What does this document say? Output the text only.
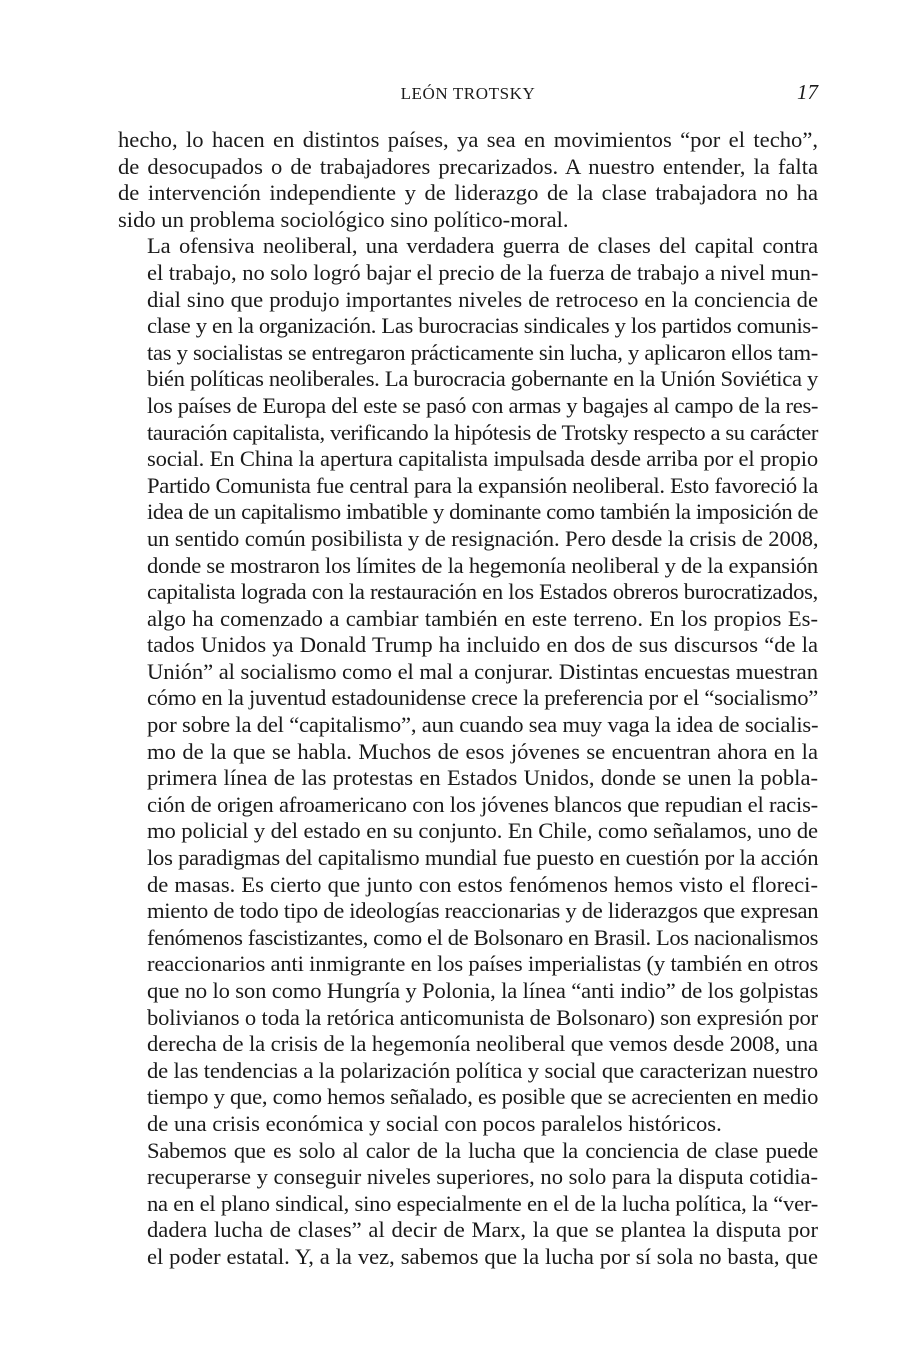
LEÓN TROTSKY	17

hecho, lo hacen en distintos países, ya sea en movimientos “por el techo”,
de desocupados o de trabajadores precarizados. A nuestro entender, la falta
de intervención independiente y de liderazgo de la clase trabajadora no ha
sido un problema sociológico sino político-moral.

La ofensiva neoliberal, una verdadera guerra de clases del capital contra
el trabajo, no solo logró bajar el precio de la fuerza de trabajo a nivel mun-
dial sino que produjo importantes niveles de retroceso en la conciencia de
clase y en la organización. Las burocracias sindicales y los partidos comunis-
tas y socialistas se entregaron prácticamente sin lucha, y aplicaron ellos tam-
bién políticas neoliberales. La burocracia gobernante en la Unión Soviética y
los países de Europa del este se pasó con armas y bagajes al campo de la res-
tauración capitalista, verificando la hipótesis de Trotsky respecto a su carácter
social. En China la apertura capitalista impulsada desde arriba por el propio
Partido Comunista fue central para la expansión neoliberal. Esto favoreció la
idea de un capitalismo imbatible y dominante como también la imposición de
un sentido común posibilista y de resignación. Pero desde la crisis de 2008,
donde se mostraron los límites de la hegemonía neoliberal y de la expansión
capitalista lograda con la restauración en los Estados obreros burocratizados,
algo ha comenzado a cambiar también en este terreno. En los propios Es-
tados Unidos ya Donald Trump ha incluido en dos de sus discursos “de la
Unión” al socialismo como el mal a conjurar. Distintas encuestas muestran
cómo en la juventud estadounidense crece la preferencia por el “socialismo”
por sobre la del “capitalismo”, aun cuando sea muy vaga la idea de socialis-
mo de la que se habla. Muchos de esos jóvenes se encuentran ahora en la
primera línea de las protestas en Estados Unidos, donde se unen la pobla-
ción de origen afroamericano con los jóvenes blancos que repudian el racis-
mo policial y del estado en su conjunto. En Chile, como señalamos, uno de
los paradigmas del capitalismo mundial fue puesto en cuestión por la acción
de masas. Es cierto que junto con estos fenómenos hemos visto el floreci-
miento de todo tipo de ideologías reaccionarias y de liderazgos que expresan
fenómenos fascistizantes, como el de Bolsonaro en Brasil. Los nacionalismos
reaccionarios anti inmigrante en los países imperialistas (y también en otros
que no lo son como Hungría y Polonia, la línea “anti indio” de los golpistas
bolivianos o toda la retórica anticomunista de Bolsonaro) son expresión por
derecha de la crisis de la hegemonía neoliberal que vemos desde 2008, una
de las tendencias a la polarización política y social que caracterizan nuestro
tiempo y que, como hemos señalado, es posible que se acrecienten en medio
de una crisis económica y social con pocos paralelos históricos.

Sabemos que es solo al calor de la lucha que la conciencia de clase puede
recuperarse y conseguir niveles superiores, no solo para la disputa cotidia-
na en el plano sindical, sino especialmente en el de la lucha política, la “ver-
dadera lucha de clases” al decir de Marx, la que se plantea la disputa por
el poder estatal. Y, a la vez, sabemos que la lucha por sí sola no basta, que
